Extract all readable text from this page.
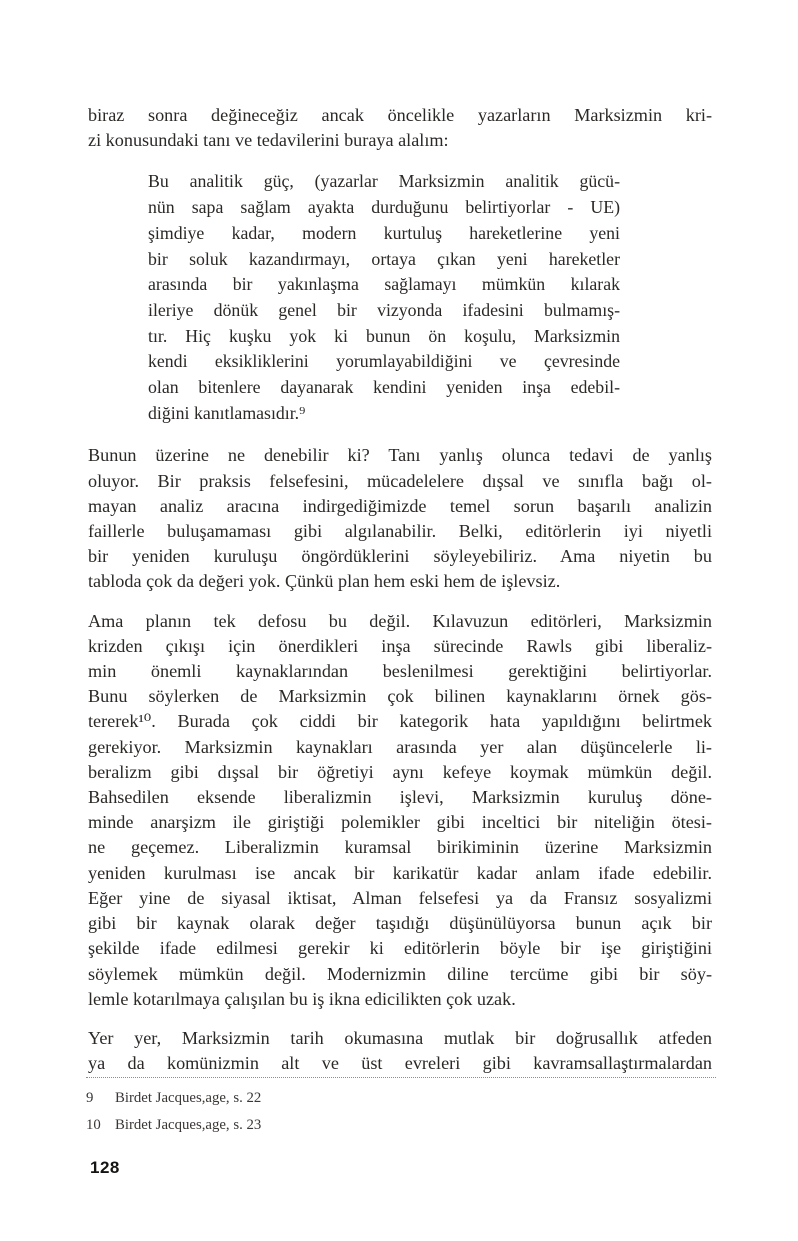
biraz sonra değineceğiz ancak öncelikle yazarların Marksizmin kri-
zi konusundaki tanı ve tedavilerini buraya alalım:
Bu analitik güç, (yazarlar Marksizmin analitik gücü-
nün sapa sağlam ayakta durduğunu belirtiyorlar - UE)
şimdiye kadar, modern kurtuluş hareketlerine yeni
bir soluk kazandırmayı, ortaya çıkan yeni hareketler
arasında bir yakınlaşma sağlamayı mümkün kılarak
ileriye dönük genel bir vizyonda ifadesini bulmamış-
tır. Hiç kuşku yok ki bunun ön koşulu, Marksizmin
kendi eksikliklerini yorumlayabildiğini ve çevresinde
olan bitenlere dayanarak kendini yeniden inşa edebil-
diğini kanıtlamasıdır.⁹
Bunun üzerine ne denebilir ki? Tanı yanlış olunca tedavi de yanlış
oluyor. Bir praksis felsefesini, mücadelelere dışsal ve sınıfla bağı ol-
mayan analiz aracına indirgediğimizde temel sorun başarılı analizin
faillerle buluşamaması gibi algılanabilir. Belki, editörlerin iyi niyetli
bir yeniden kuruluşu öngördüklerini söyleyebiliriz. Ama niyetin bu
tabloda çok da değeri yok. Çünkü plan hem eski hem de işlevsiz.
Ama planın tek defosu bu değil. Kılavuzun editörleri, Marksizmin
krizden çıkışı için önerdikleri inşa sürecinde Rawls gibi liberaliz-
min önemli kaynaklarından beslenilmesi gerektiğini belirtiyorlar.
Bunu söylerken de Marksizmin çok bilinen kaynaklarını örnek gös-
tererek¹⁰. Burada çok ciddi bir kategorik hata yapıldığını belirtmek
gerekiyor. Marksizmin kaynakları arasında yer alan düşüncelerle li-
beralizm gibi dışsal bir öğretiyi aynı kefeye koymak mümkün değil.
Bahsedilen eksende liberalizmin işlevi, Marksizmin kuruluş döne-
minde anarşizm ile giriştiği polemikler gibi inceltici bir niteliğin ötesi-
ne geçemez. Liberalizmin kuramsal birikiminin üzerine Marksizmin
yeniden kurulması ise ancak bir karikatür kadar anlam ifade edebilir.
Eğer yine de siyasal iktisat, Alman felsefesi ya da Fransız sosyalizmi
gibi bir kaynak olarak değer taşıdığı düşünülüyorsa bunun açık bir
şekilde ifade edilmesi gerekir ki editörlerin böyle bir işe giriştiğini
söylemek mümkün değil. Modernizmin diline tercüme gibi bir söy-
lemle kotarılmaya çalışılan bu iş ikna edicilikten çok uzak.
Yer yer, Marksizmin tarih okumasına mutlak bir doğrusallık atfeden
ya da komünizmin alt ve üst evreleri gibi kavramsallaştırmalardan
9	Birdet Jacques,age, s. 22
10 Birdet Jacques,age, s. 23
128
